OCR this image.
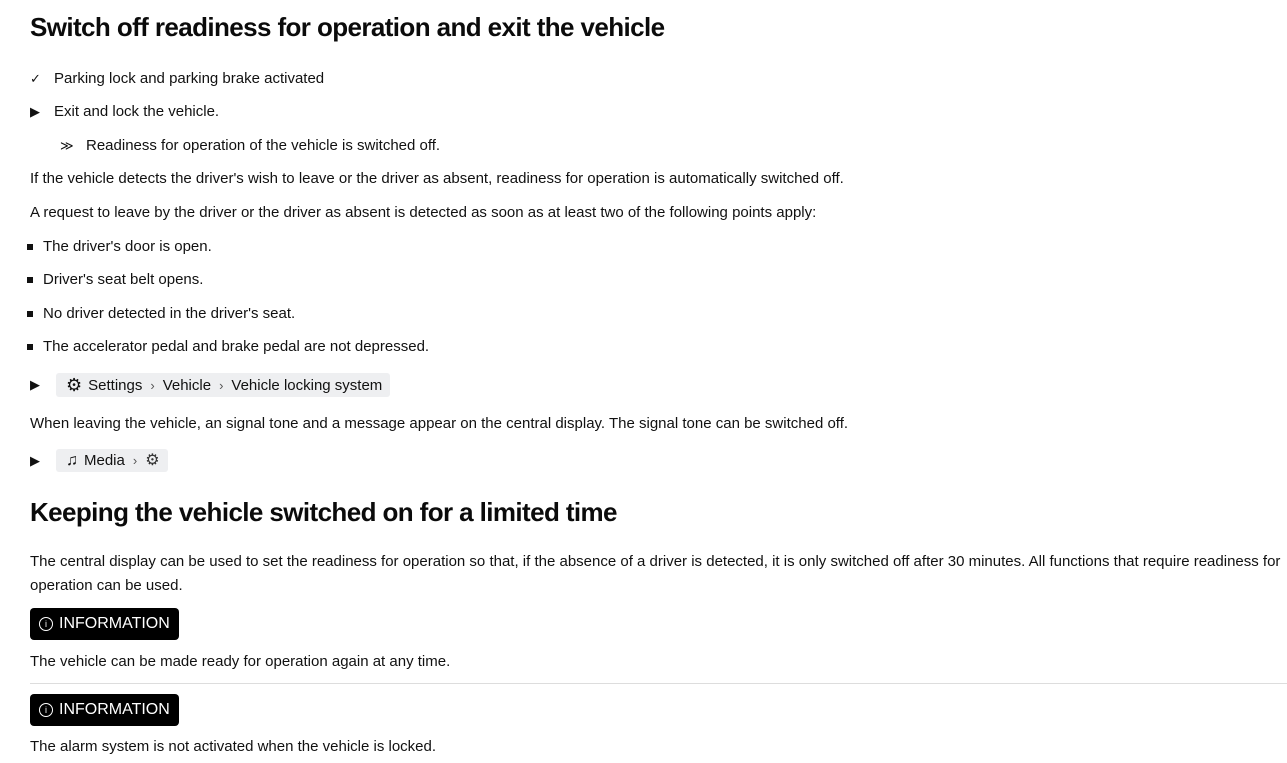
Switch off readiness for operation and exit the vehicle
✓ Parking lock and parking brake activated
▶ Exit and lock the vehicle.
≫ Readiness for operation of the vehicle is switched off.
If the vehicle detects the driver's wish to leave or the driver as absent, readiness for operation is automatically switched off.
A request to leave by the driver or the driver as absent is detected as soon as at least two of the following points apply:
The driver's door is open.
Driver's seat belt opens.
No driver detected in the driver's seat.
The accelerator pedal and brake pedal are not depressed.
▶ ⚙ Settings › Vehicle › Vehicle locking system
When leaving the vehicle, an signal tone and a message appear on the central display. The signal tone can be switched off.
▶ ♫ Media › ⚙
Keeping the vehicle switched on for a limited time
The central display can be used to set the readiness for operation so that, if the absence of a driver is detected, it is only switched off after 30 minutes. All functions that require readiness for
operation can be used.
i INFORMATION
The vehicle can be made ready for operation again at any time.
i INFORMATION
The alarm system is not activated when the vehicle is locked.
